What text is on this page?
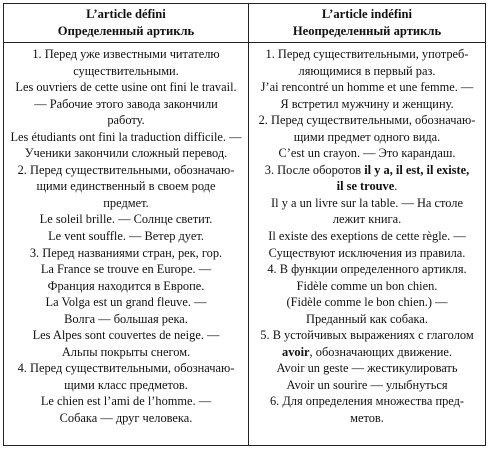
L’article défini
Определенный артикль
L’article indéfini
Неопределенный артикль
1. Перед уже известными читателю
существительными.
Les ouvriers de cette usine ont fini le travail.
— Рабочие этого завода закончили
работу.
Les étudiants ont fini la traduction difficile. —
Ученики закончили сложный перевод.
2. Перед существительными, обозначаю-
щими единственный в своем роде
предмет.
Le soleil brille. — Солнце светит.
Le vent souffle. — Ветер дует.
3. Перед названиями стран, рек, гор.
La France se trouve en Europe. —
Франция находится в Европе.
La Volga est un grand fleuve. —
Волга — большая река.
Les Alpes sont couvertes de neige. —
Альпы покрыты снегом.
4. Перед существительными, обозначаю-
щими класс предметов.
Le chien est l’ami de l’homme. —
Собака — друг человека.
1. Перед существительными, употреб-
ляющимися в первый раз.
J’ai rencontré un homme et une femme. —
Я встретил мужчину и женщину.
2. Перед существительными, обозначаю-
щими предмет одного вида.
C’est un crayon. — Это карандаш.
3. После оборотов il y a, il est, il existe,
il se trouve.
Il y a un livre sur la table. — На столе
лежит книга.
Il existe des exeptions de cette règle. —
Существуют исключения из правила.
4. В функции определенного артикля.
Fidèle comme un bon chien.
(Fidèle comme le bon chien.) —
Преданный как собака.
5. В устойчивых выражениях с глаголом
avoir, обозначающих движение.
Avoir un geste — жестикулировать
Avoir un sourire — улыбнуться
6. Для определения множества пред-
метов.
